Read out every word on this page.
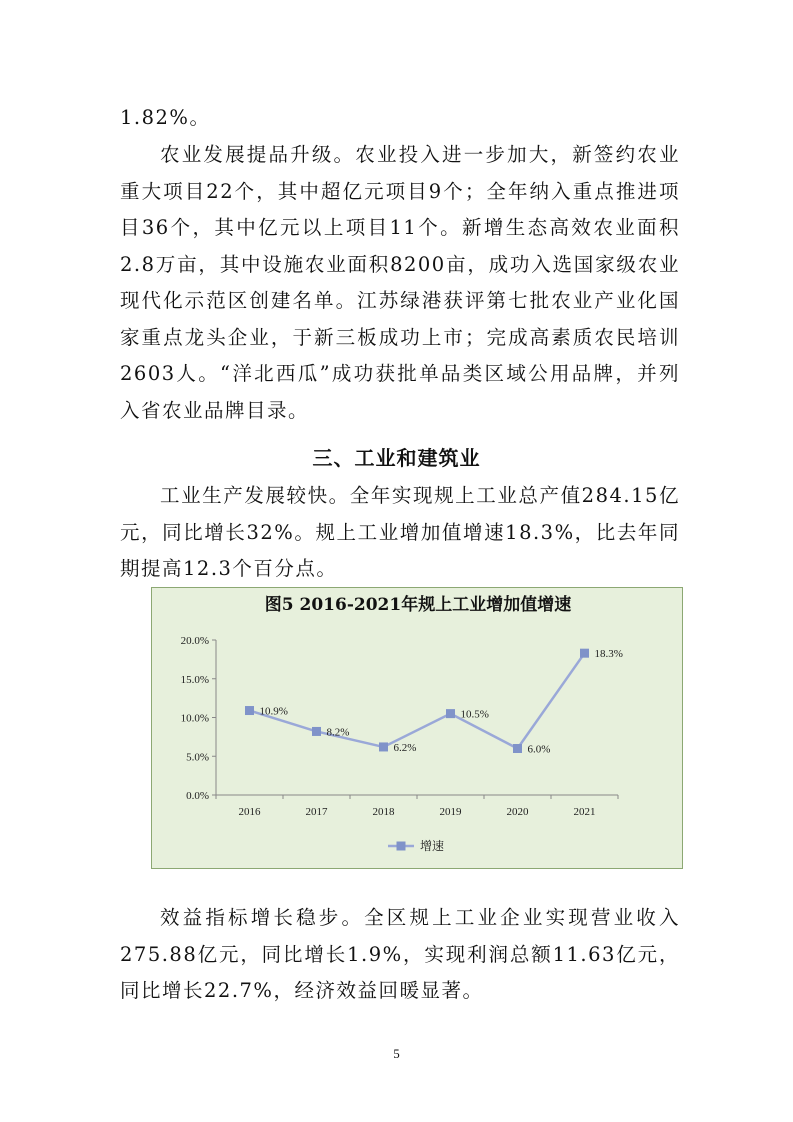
1.82%。

农业发展提品升级。农业投入进一步加大，新签约农业重大项目22个，其中超亿元项目9个；全年纳入重点推进项目36个，其中亿元以上项目11个。新增生态高效农业面积2.8万亩，其中设施农业面积8200亩，成功入选国家级农业现代化示范区创建名单。江苏绿港获评第七批农业产业化国家重点龙头企业，于新三板成功上市；完成高素质农民培训2603人。“洋北西瓜”成功获批单品类区域公用品牌，并列入省农业品牌目录。

三、工业和建筑业

工业生产发展较快。全年实现规上工业总产值284.15亿元，同比增长32%。规上工业增加值增速18.3%，比去年同期提高12.3个百分点。

图5 2016-2021年规上工业增加值增速
0.0%
5.0%
10.0%
15.0%
20.0%
2016	2017	2018	2019	2020	2021
10.9%
8.2%
6.2%
10.5%
6.0%
18.3%
增速

效益指标增长稳步。全区规上工业企业实现营业收入275.88亿元，同比增长1.9%，实现利润总额11.63亿元，同比增长22.7%，经济效益回暖显著。

5
